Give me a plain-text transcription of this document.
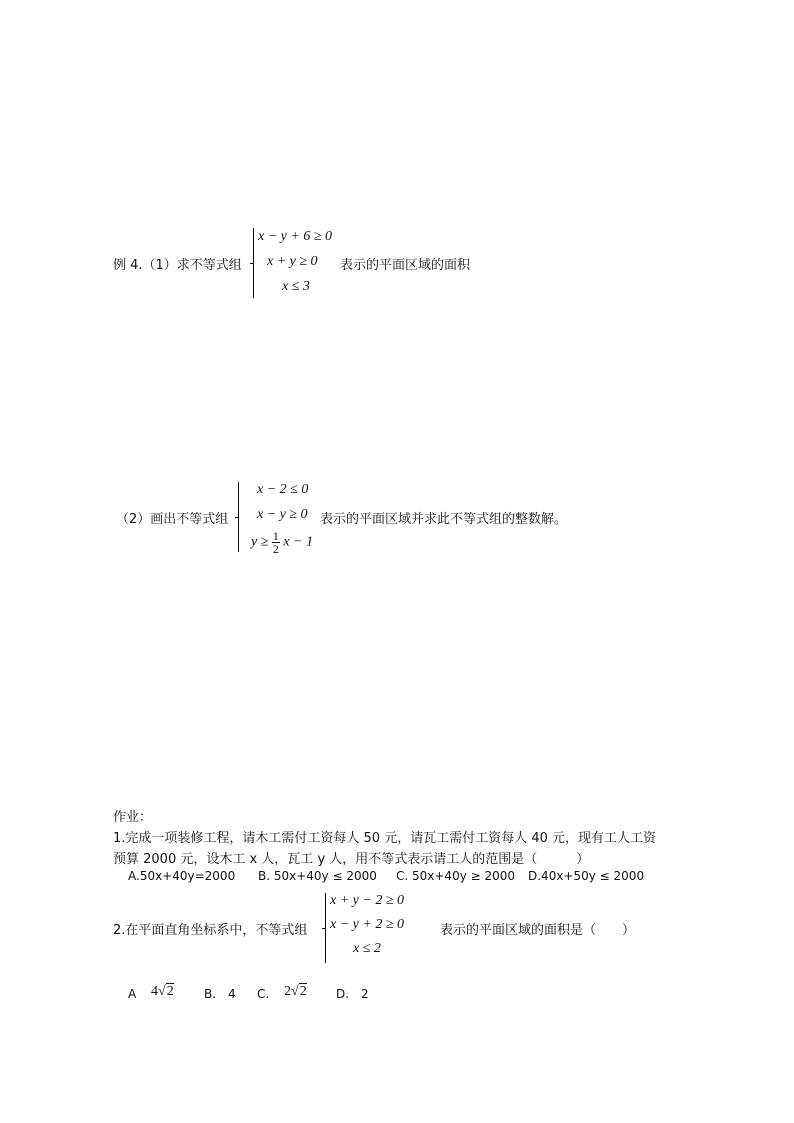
例 4.（1）求不等式组
x − y + 6 ≥ 0
x + y ≥ 0
x ≤ 3
表示的平面区域的面积
（2）画出不等式组
x − 2 ≤ 0
x − y ≥ 0
$y \ge \frac{1}{2}$ x − 1
表示的平面区域并求此不等式组的整数解。
作业：
1.完成一项装修工程，请木工需付工资每人 50 元，请瓦工需付工资每人 40 元，现有工人工资
预算 2000 元，设木工 x 人，瓦工 y 人，用不等式表示请工人的范围是（　　　）
A.50x+40y=2000 B. 50x+40y ≤ 2000 C. 50x+40y ≥ 2000 D.40x+50y ≤ 2000
2.在平面直角坐标系中，不等式组
x + y − 2 ≥ 0
x − y + 2 ≥ 0
x ≤ 2
表示的平面区域的面积是（　　）
A 4√2	B. 4 C. 2√2 D. 2
